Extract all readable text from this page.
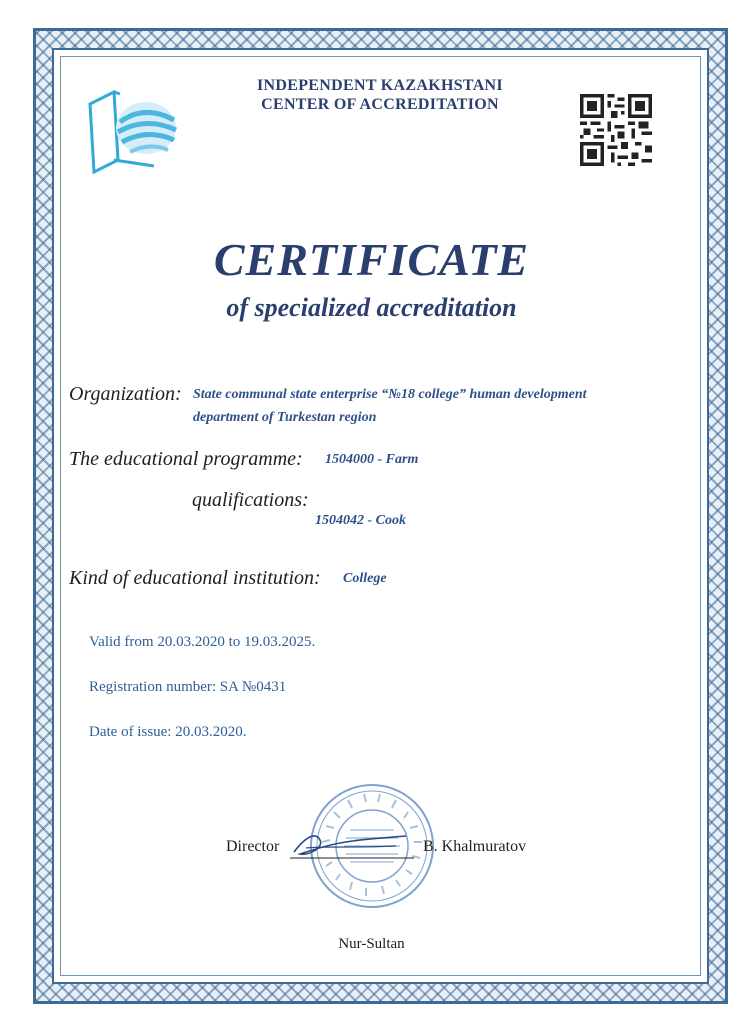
INDEPENDENT KAZAKHSTANI
CENTER OF ACCREDITATION
CERTIFICATE
of specialized accreditation
Organization: State communal state enterprise “№18 college” human development
department of Turkestan region
The educational programme: 1504000 - Farm
qualifications:
1504042 - Cook
Kind of educational institution: College
Valid from 20.03.2020 to 19.03.2025.
Registration number: SA №0431
Date of issue: 20.03.2020.
Director	B. Khalmuratov
Nur-Sultan
